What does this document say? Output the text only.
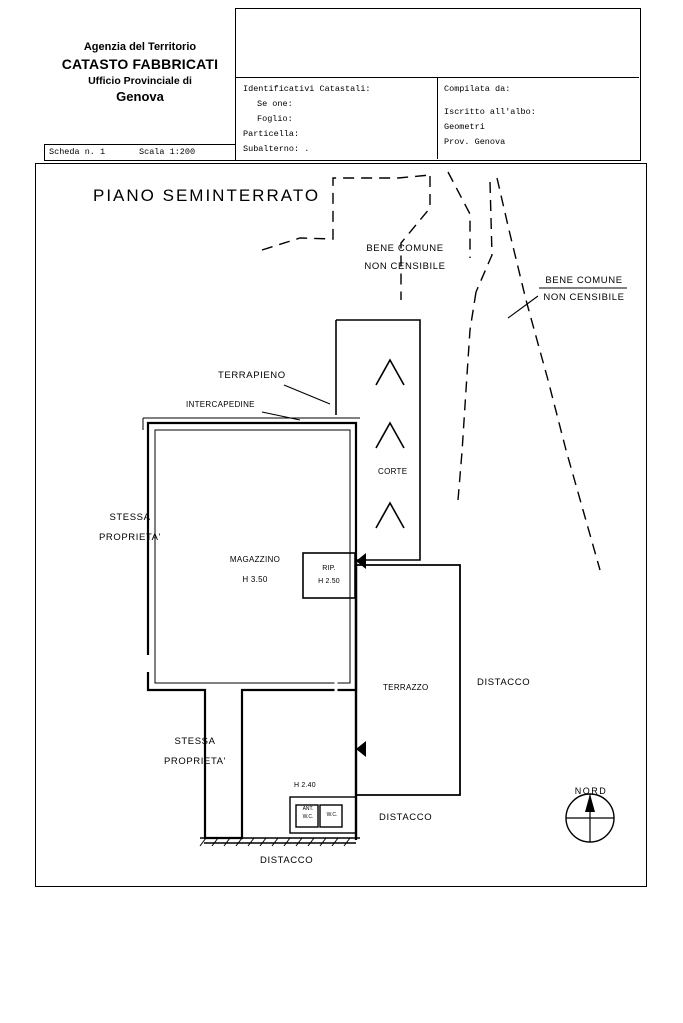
Agenzia del Territorio
CATASTO FABBRICATI
Ufficio Provinciale di
Genova
Scheda n. 1	Scala 1:200
Identificativi Catastali:
Se one:
Foglio:
Particella:
Subalterno: .
Compilata da:
Iscritto all'albo:
Geometri
Prov. Genova
PIANO SEMINTERRATO
BENE COMUNE
NON CENSIBILE
BENE COMUNE
NON CENSIBILE
TERRAPIENO
INTERCAPEDINE
CORTE
STESSA
PROPRIETA'
STESSA
PROPRIETA'
MAGAZZINO
H 3.50
RIP.
H 2.50
TERRAZZO	DISTACCO
DISTACCO
DISTACCO
H 2.40
ANT.
W.C.	W.C.
NORD
